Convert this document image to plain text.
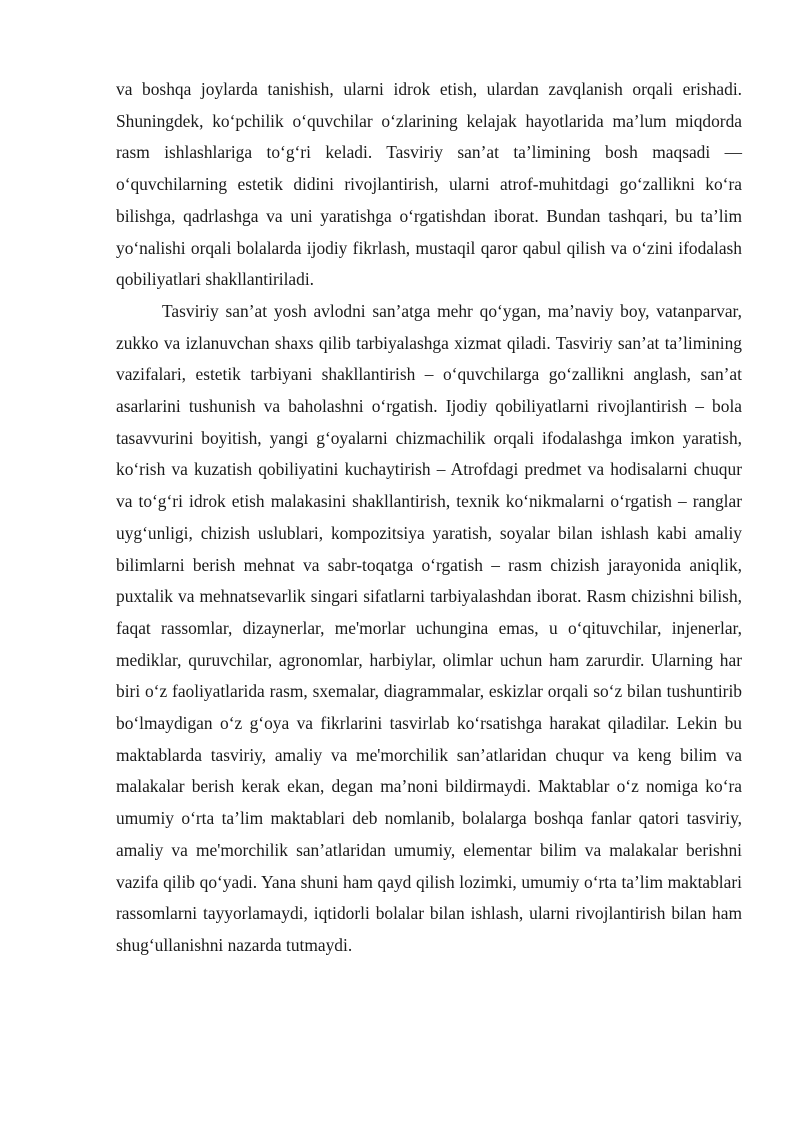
va boshqa joylarda tanishish, ularni idrok etish, ulardan zavqlanish orqali erishadi. Shuningdek, koʻpchilik oʻquvchilar oʻzlarining kelajak hayotlarida maʼlum miqdorda rasm ishlashlariga toʻgʻri keladi. Tasviriy sanʼat taʼlimining bosh maqsadi — oʻquvchilarning estetik didini rivojlantirish, ularni atrof-muhitdagi goʻzallikni koʻra bilishga, qadrlashga va uni yaratishga oʻrgatishdan iborat. Bundan tashqari, bu taʼlim yoʻnalishi orqali bolalarda ijodiy fikrlash, mustaqil qaror qabul qilish va oʻzini ifodalash qobiliyatlari shakllantiriladi.

Tasviriy sanʼat yosh avlodni sanʼatga mehr qoʻygan, maʼnaviy boy, vatanparvar, zukko va izlanuvchan shaxs qilib tarbiyalashga xizmat qiladi. Tasviriy sanʼat taʼlimining vazifalari, estetik tarbiyani shakllantirish – oʻquvchilarga goʻzallikni anglash, sanʼat asarlarini tushunish va baholashni oʻrgatish. Ijodiy qobiliyatlarni rivojlantirish – bola tasavvurini boyitish, yangi gʻoyalarni chizmachilik orqali ifodalashga imkon yaratish, koʻrish va kuzatish qobiliyatini kuchaytirish – Atrofdagi predmet va hodisalarni chuqur va toʻgʻri idrok etish malakasini shakllantirish, texnik koʻnikmalarni oʻrgatish – ranglar uygʻunligi, chizish uslublari, kompozitsiya yaratish, soyalar bilan ishlash kabi amaliy bilimlarni berish mehnat va sabr-toqatga oʻrgatish – rasm chizish jarayonida aniqlik, puxtalik va mehnatsevarlik singari sifatlarni tarbiyalashdan iborat. Rasm chizishni bilish, faqat rassomlar, dizaynerlar, me'morlar uchungina emas, u oʻqituvchilar, injenerlar, mediklar, quruvchilar, agronomlar, harbiylar, olimlar uchun ham zarurdir. Ularning har biri oʻz faoliyatlarida rasm, sxemalar, diagrammalar, eskizlar orqali soʻz bilan tushuntirib boʻlmaydigan oʻz gʻoya va fikrlarini tasvirlab koʻrsatishga harakat qiladilar. Lekin bu maktablarda tasviriy, amaliy va me'morchilik sanʼatlaridan chuqur va keng bilim va malakalar berish kerak ekan, degan maʼnoni bildirmaydi. Maktablar oʻz nomiga koʻra umumiy oʻrta taʼlim maktablari deb nomlanib, bolalarga boshqa fanlar qatori tasviriy, amaliy va me'morchilik sanʼatlaridan umumiy, elementar bilim va malakalar berishni vazifa qilib qoʻyadi. Yana shuni ham qayd qilish lozimki, umumiy oʻrta taʼlim maktablari rassomlarni tayyorlamaydi, iqtidorli bolalar bilan ishlash, ularni rivojlantirish bilan ham shugʻullanishni nazarda tutmaydi.
